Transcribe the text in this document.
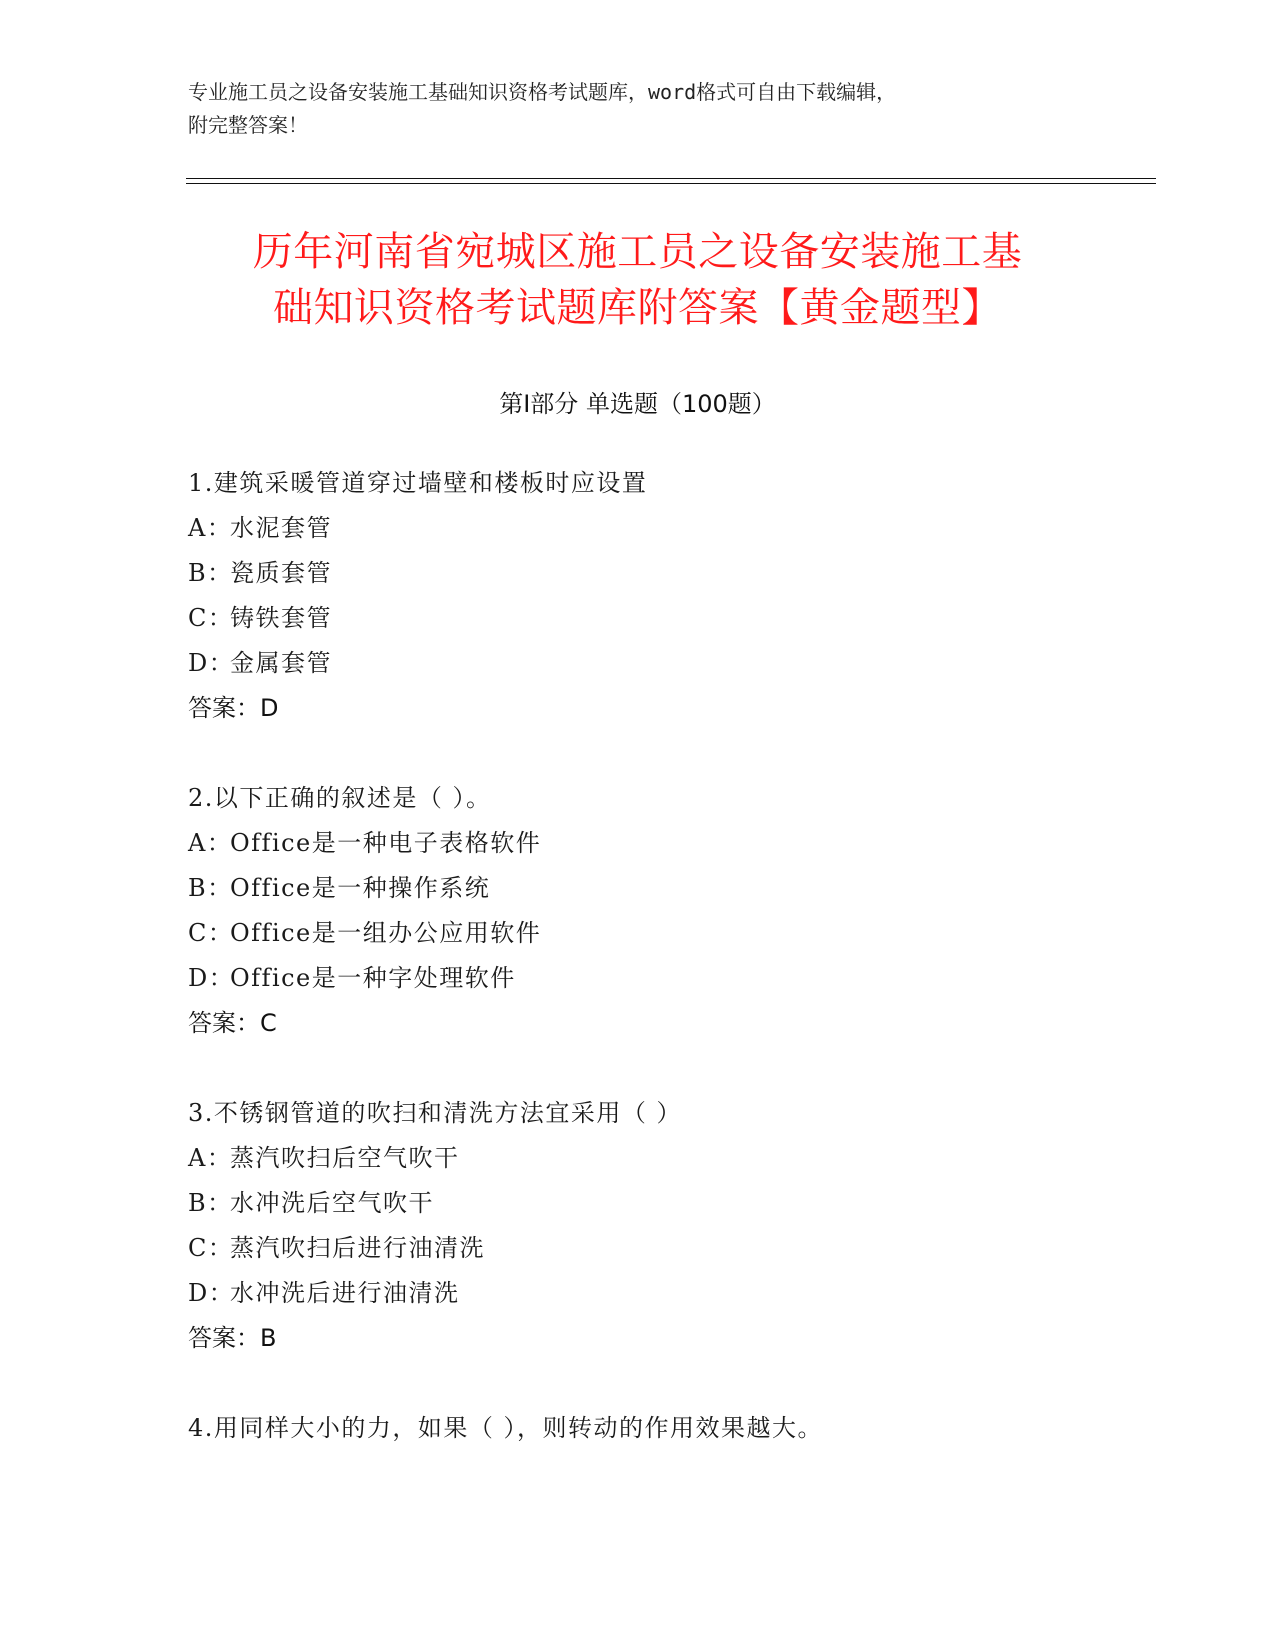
专业施工员之设备安装施工基础知识资格考试题库，word格式可自由下载编辑，
附完整答案！
历年河南省宛城区施工员之设备安装施工基
础知识资格考试题库附答案【黄金题型】
第Ⅰ部分 单选题（100题）
1.建筑采暖管道穿过墙壁和楼板时应设置
A：水泥套管
B：瓷质套管
C：铸铁套管
D：金属套管
答案：D
2.以下正确的叙述是（ ）。
A：Office是一种电子表格软件
B：Office是一种操作系统
C：Office是一组办公应用软件
D：Office是一种字处理软件
答案：C
3.不锈钢管道的吹扫和清洗方法宜采用（ ）
A：蒸汽吹扫后空气吹干
B：水冲洗后空气吹干
C：蒸汽吹扫后进行油清洗
D：水冲洗后进行油清洗
答案：B
4.用同样大小的力，如果（ ），则转动的作用效果越大。
